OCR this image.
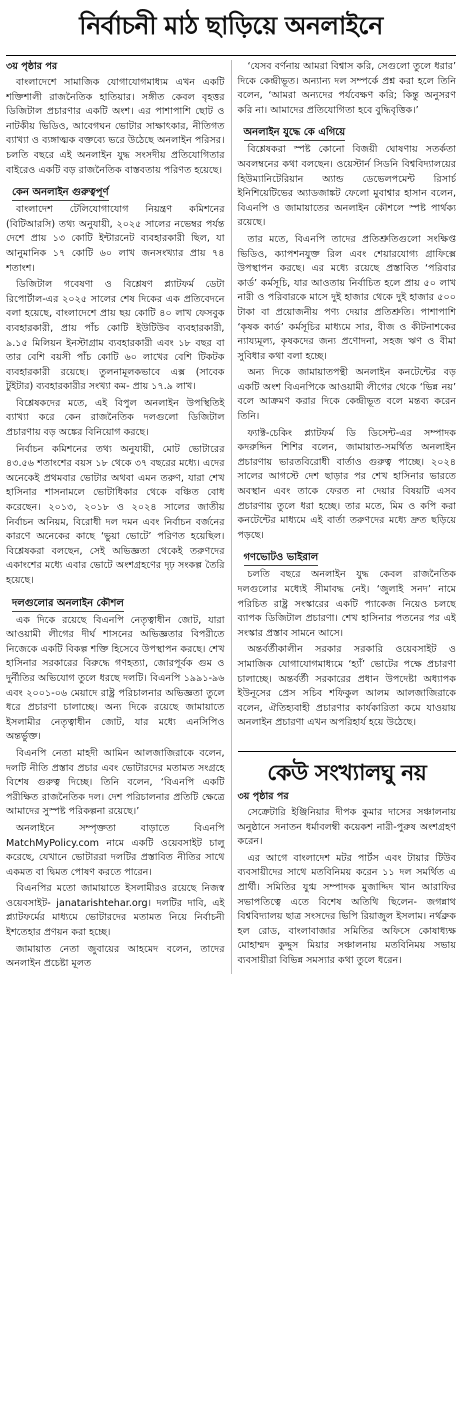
নির্বাচনী মাঠ ছাড়িয়ে অনলাইনে
৩য় পৃষ্ঠার পর

বাংলাদেশে সামাজিক যোগাযোগমাধ্যম এখন একটি শক্তিশালী রাজনৈতিক হাতিয়ার। সঙ্গীত কেবল বৃহত্তর ডিজিটাল প্রচারণার একটি অংশ। এর পাশাপাশি ছোট ও নাটকীয় ভিডিও, আবেগঘন ভোটার সাক্ষাৎকার, নীতিগত ব্যাখ্যা ও ব্যঙ্গাত্মক বক্তব্যে ভরে উঠেছে অনলাইন পরিসর। চলতি বছরে এই অনলাইন যুদ্ধ সংসদীয় প্রতিযোগিতার বাইরেও একটি বড় রাজনৈতিক বাস্তবতায় পরিণত হয়েছে।

কেন অনলাইন গুরুত্বপূর্ণ

বাংলাদেশ টেলিযোগাযোগ নিয়ন্ত্রণ কমিশনের (বিটিআরসি) তথ্য অনুযায়ী, ২০২৫ সালের নভেম্বর পর্যন্ত দেশে প্রায় ১৩ কোটি ইন্টারনেট ব্যবহারকারী ছিল, যা আনুমানিক ১৭ কোটি ৬০ লাখ জনসংখ্যার প্রায় ৭৪ শতাংশ।

ডিজিটাল গবেষণা ও বিশ্লেষণ প্ল্যাটফর্ম ডেটা রিপোর্টাল-এর ২০২৫ সালের শেষ দিকের এক প্রতিবেদনে বলা হয়েছে, বাংলাদেশে প্রায় ছয় কোটি ৪০ লাখ ফেসবুক ব্যবহারকারী, প্রায় পাঁচ কোটি ইউটিউব ব্যবহারকারী, ৯.১৫ মিলিয়ন ইনস্টাগ্রাম ব্যবহারকারী এবং ১৮ বছর বা তার বেশি বয়সী পাঁচ কোটি ৬০ লাখের বেশি টিকটক ব্যবহারকারী রয়েছে। তুলনামূলকভাবে এক্স (সাবেক টুইটার) ব্যবহারকারীর সংখ্যা কম- প্রায় ১৭.৯ লাখ।

বিশ্লেষকদের মতে, এই বিপুল অনলাইন উপস্থিতিই ব্যাখ্যা করে কেন রাজনৈতিক দলগুলো ডিজিটাল প্রচারণায় বড় অঙ্কের বিনিয়োগ করছে।

নির্বাচন কমিশনের তথ্য অনুযায়ী, মোট ভোটারের ৪৩.৫৬ শতাংশের বয়স ১৮ থেকে ৩৭ বছরের মধ্যে। এদের অনেকেই প্রথমবার ভোটার অথবা এমন তরুণ, যারা শেখ হাসিনার শাসনামলে ভোটাধিকার থেকে বঞ্চিত বোধ করেছেন। ২০১৩, ২০১৮ ও ২০২৪ সালের জাতীয় নির্বাচন অনিয়ম, বিরোধী দল দমন এবং নির্বাচন বর্জনের কারণে অনেকের কাছে ‘ভুয়া ভোটে’ পরিণত হয়েছিল। বিশ্লেষকরা বলছেন, সেই অভিজ্ঞতা থেকেই তরুণদের একাংশের মধ্যে এবার ভোটে অংশগ্রহণের দৃঢ় সংকল্প তৈরি হয়েছে।

দলগুলোর অনলাইন কৌশল

এক দিকে রয়েছে বিএনপি নেতৃত্বাধীন জোট, যারা আওয়ামী লীগের দীর্ঘ শাসনের অভিজ্ঞতার বিপরীতে নিজেকে একটি বিকল্প শক্তি হিসেবে উপস্থাপন করছে। শেখ হাসিনার সরকারের বিরুদ্ধে গণহত্যা, জোরপূর্বক গুম ও দুর্নীতির অভিযোগ তুলে ধরছে দলটি। বিএনপি ১৯৯১-৯৬ এবং ২০০১-০৬ মেয়াদে রাষ্ট্র পরিচালনার অভিজ্ঞতা তুলে ধরে প্রচারণা চালাচ্ছে। অন্য দিকে রয়েছে জামায়াতে ইসলামীর নেতৃত্বাধীন জোট, যার মধ্যে এনসিপিও অন্তর্ভুক্ত।

বিএনপি নেতা মাহদী আমিন আলজাজিরাকে বলেন, দলটি নীতি প্রস্তাব প্রচার এবং ভোটারদের মতামত সংগ্রহে বিশেষ গুরুত্ব দিচ্ছে। তিনি বলেন, ‘বিএনপি একটি পরীক্ষিত রাজনৈতিক দল। দেশ পরিচালনার প্রতিটি ক্ষেত্রে আমাদের সুস্পষ্ট পরিকল্পনা রয়েছে।’

অনলাইনে সম্পৃক্ততা বাড়াতে বিএনপি MatchMyPolicy.com নামে একটি ওয়েবসাইট চালু করেছে, যেখানে ভোটাররা দলটির প্রস্তাবিত নীতির সাথে একমত বা দ্বিমত পোষণ করতে পারেন।

বিএনপির মতো জামায়াতে ইসলামীরও রয়েছে নিজস্ব ওয়েবসাইট- janatarishtehar.org। দলটির দাবি, এই প্ল্যাটফর্মের মাধ্যমে ভোটারদের মতামত নিয়ে নির্বাচনী ইশতেহার প্রণয়ন করা হচ্ছে।

জামায়াত নেতা জুবায়ের আহমেদ বলেন, তাদের অনলাইন প্রচেষ্টা মূলত

‘যেসব বর্ণনায় আমরা বিশ্বাস করি, সেগুলো তুলে ধরার’ দিকে কেন্দ্রীভূত। অন্যান্য দল সম্পর্কে প্রশ্ন করা হলে তিনি বলেন, ‘আমরা অন্যদের পর্যবেক্ষণ করি; কিন্তু অনুসরণ করি না। আমাদের প্রতিযোগিতা হবে বুদ্ধিবৃত্তিক।’

অনলাইন যুদ্ধে কে এগিয়ে

বিশ্লেষকরা স্পষ্ট কোনো বিজয়ী ঘোষণায় সতর্কতা অবলম্বনের কথা বলছেন। ওয়েস্টার্ন সিডনি বিশ্ববিদ্যালয়ের হিউম্যানিটেরিয়ান অ্যান্ড ডেভেলপমেন্ট রিসার্চ ইনিশিয়েটিভের অ্যাডজাঙ্কট ফেলো মুবাশ্বার হাসান বলেন, বিএনপি ও জামায়াতের অনলাইন কৌশলে স্পষ্ট পার্থক্য রয়েছে।

তার মতে, বিএনপি তাদের প্রতিশ্রুতিগুলো সংক্ষিপ্ত ভিডিও, ক্যাপশনযুক্ত রিল এবং শেয়ারযোগ্য গ্রাফিক্সে উপস্থাপন করছে। এর মধ্যে রয়েছে প্রস্তাবিত ‘পরিবার কার্ড’ কর্মসূচি, যার আওতায় নির্বাচিত হলে প্রায় ৫০ লাখ নারী ও পরিবারকে মাসে দুই হাজার থেকে দুই হাজার ৫০০ টাকা বা প্রয়োজনীয় পণ্য দেয়ার প্রতিশ্রুতি। পাশাপাশি ‘কৃষক কার্ড’ কর্মসূচির মাধ্যমে সার, বীজ ও কীটনাশকের ন্যায্যমূল্য, কৃষকদের জন্য প্রণোদনা, সহজ ঋণ ও বীমা সুবিধার কথা বলা হচ্ছে।

অন্য দিকে জামায়াতপন্থী অনলাইন কনটেন্টের বড় একটি অংশ বিএনপিকে আওয়ামী লীগের থেকে ‘ভিন্ন নয়’ বলে আক্রমণ করার দিকে কেন্দ্রীভূত বলে মন্তব্য করেন তিনি।

ফ্যাক্ট-চেকিং প্ল্যাটফর্ম ডি ডিসেন্ট-এর সম্পাদক কদরুদ্দিন শিশির বলেন, জামায়াত-সমর্থিত অনলাইন প্রচারণায় ভারতবিরোধী বার্তাও গুরুত্ব পাচ্ছে। ২০২৪ সালের আগস্টে দেশ ছাড়ার পর শেখ হাসিনার ভারতে অবস্থান এবং তাকে ফেরত না দেয়ার বিষয়টি এসব প্রচারণায় তুলে ধরা হচ্ছে। তার মতে, মিম ও কপি করা কনটেন্টের মাধ্যমে এই বার্তা তরুণদের মধ্যে দ্রুত ছড়িয়ে পড়ছে।

গণভোটও ভাইরাল

চলতি বছরে অনলাইন যুদ্ধ কেবল রাজনৈতিক দলগুলোর মধ্যেই সীমাবদ্ধ নেই। ‘জুলাই সনদ’ নামে পরিচিত রাষ্ট্র সংস্কারের একটি প্যাকেজ নিয়েও চলছে ব্যাপক ডিজিটাল প্রচারণা। শেখ হাসিনার পতনের পর এই সংস্কার প্রস্তাব সামনে আসে।

অন্তর্বর্তীকালীন সরকার সরকারি ওয়েবসাইট ও সামাজিক যোগাযোগমাধ্যমে ‘হ্যাঁ’ ভোটের পক্ষে প্রচারণা চালাচ্ছে। অন্তর্বর্তী সরকারের প্রধান উপদেষ্টা অধ্যাপক ইউনূসের প্রেস সচিব শফিকুল আলম আলজাজিরাকে বলেন, ঐতিহ্যবাহী প্রচারণার কার্যকারিতা কমে যাওয়ায় অনলাইন প্রচারণা এখন অপরিহার্য হয়ে উঠেছে।

কেউ সংখ্যালঘু নয়
৩য় পৃষ্ঠার পর

সেক্রেটারি ইঞ্জিনিয়ার দীপক কুমার দাসের সঞ্চালনায় অনুষ্ঠানে সনাতন ধর্মাবলম্বী কয়েকশ নারী-পুরুষ অংশগ্রহণ করেন।

এর আগে বাংলাদেশ মটর পার্টস এবং টায়ার টিউব ব্যবসায়ীদের সাথে মতবিনিময় করেন ১১ দল সমর্থিত এ প্রার্থী। সমিতির যুগ্ম সম্পাদক মুজাদ্দিদ খান আরাফির সভাপতিত্বে এতে বিশেষ অতিথি ছিলেন- জগন্নাথ বিশ্ববিদ্যালয় ছাত্র সংসদের ভিপি রিয়াজুল ইসলাম। নর্থব্রুক হল রোড, বাংলাবাজার সমিতির অফিসে কোষাধ্যক্ষ মোহাম্মদ কুদ্দুস মিয়ার সঞ্চালনায় মতবিনিময় সভায় ব্যবসায়ীরা বিভিন্ন সমস্যার কথা তুলে ধরেন।
